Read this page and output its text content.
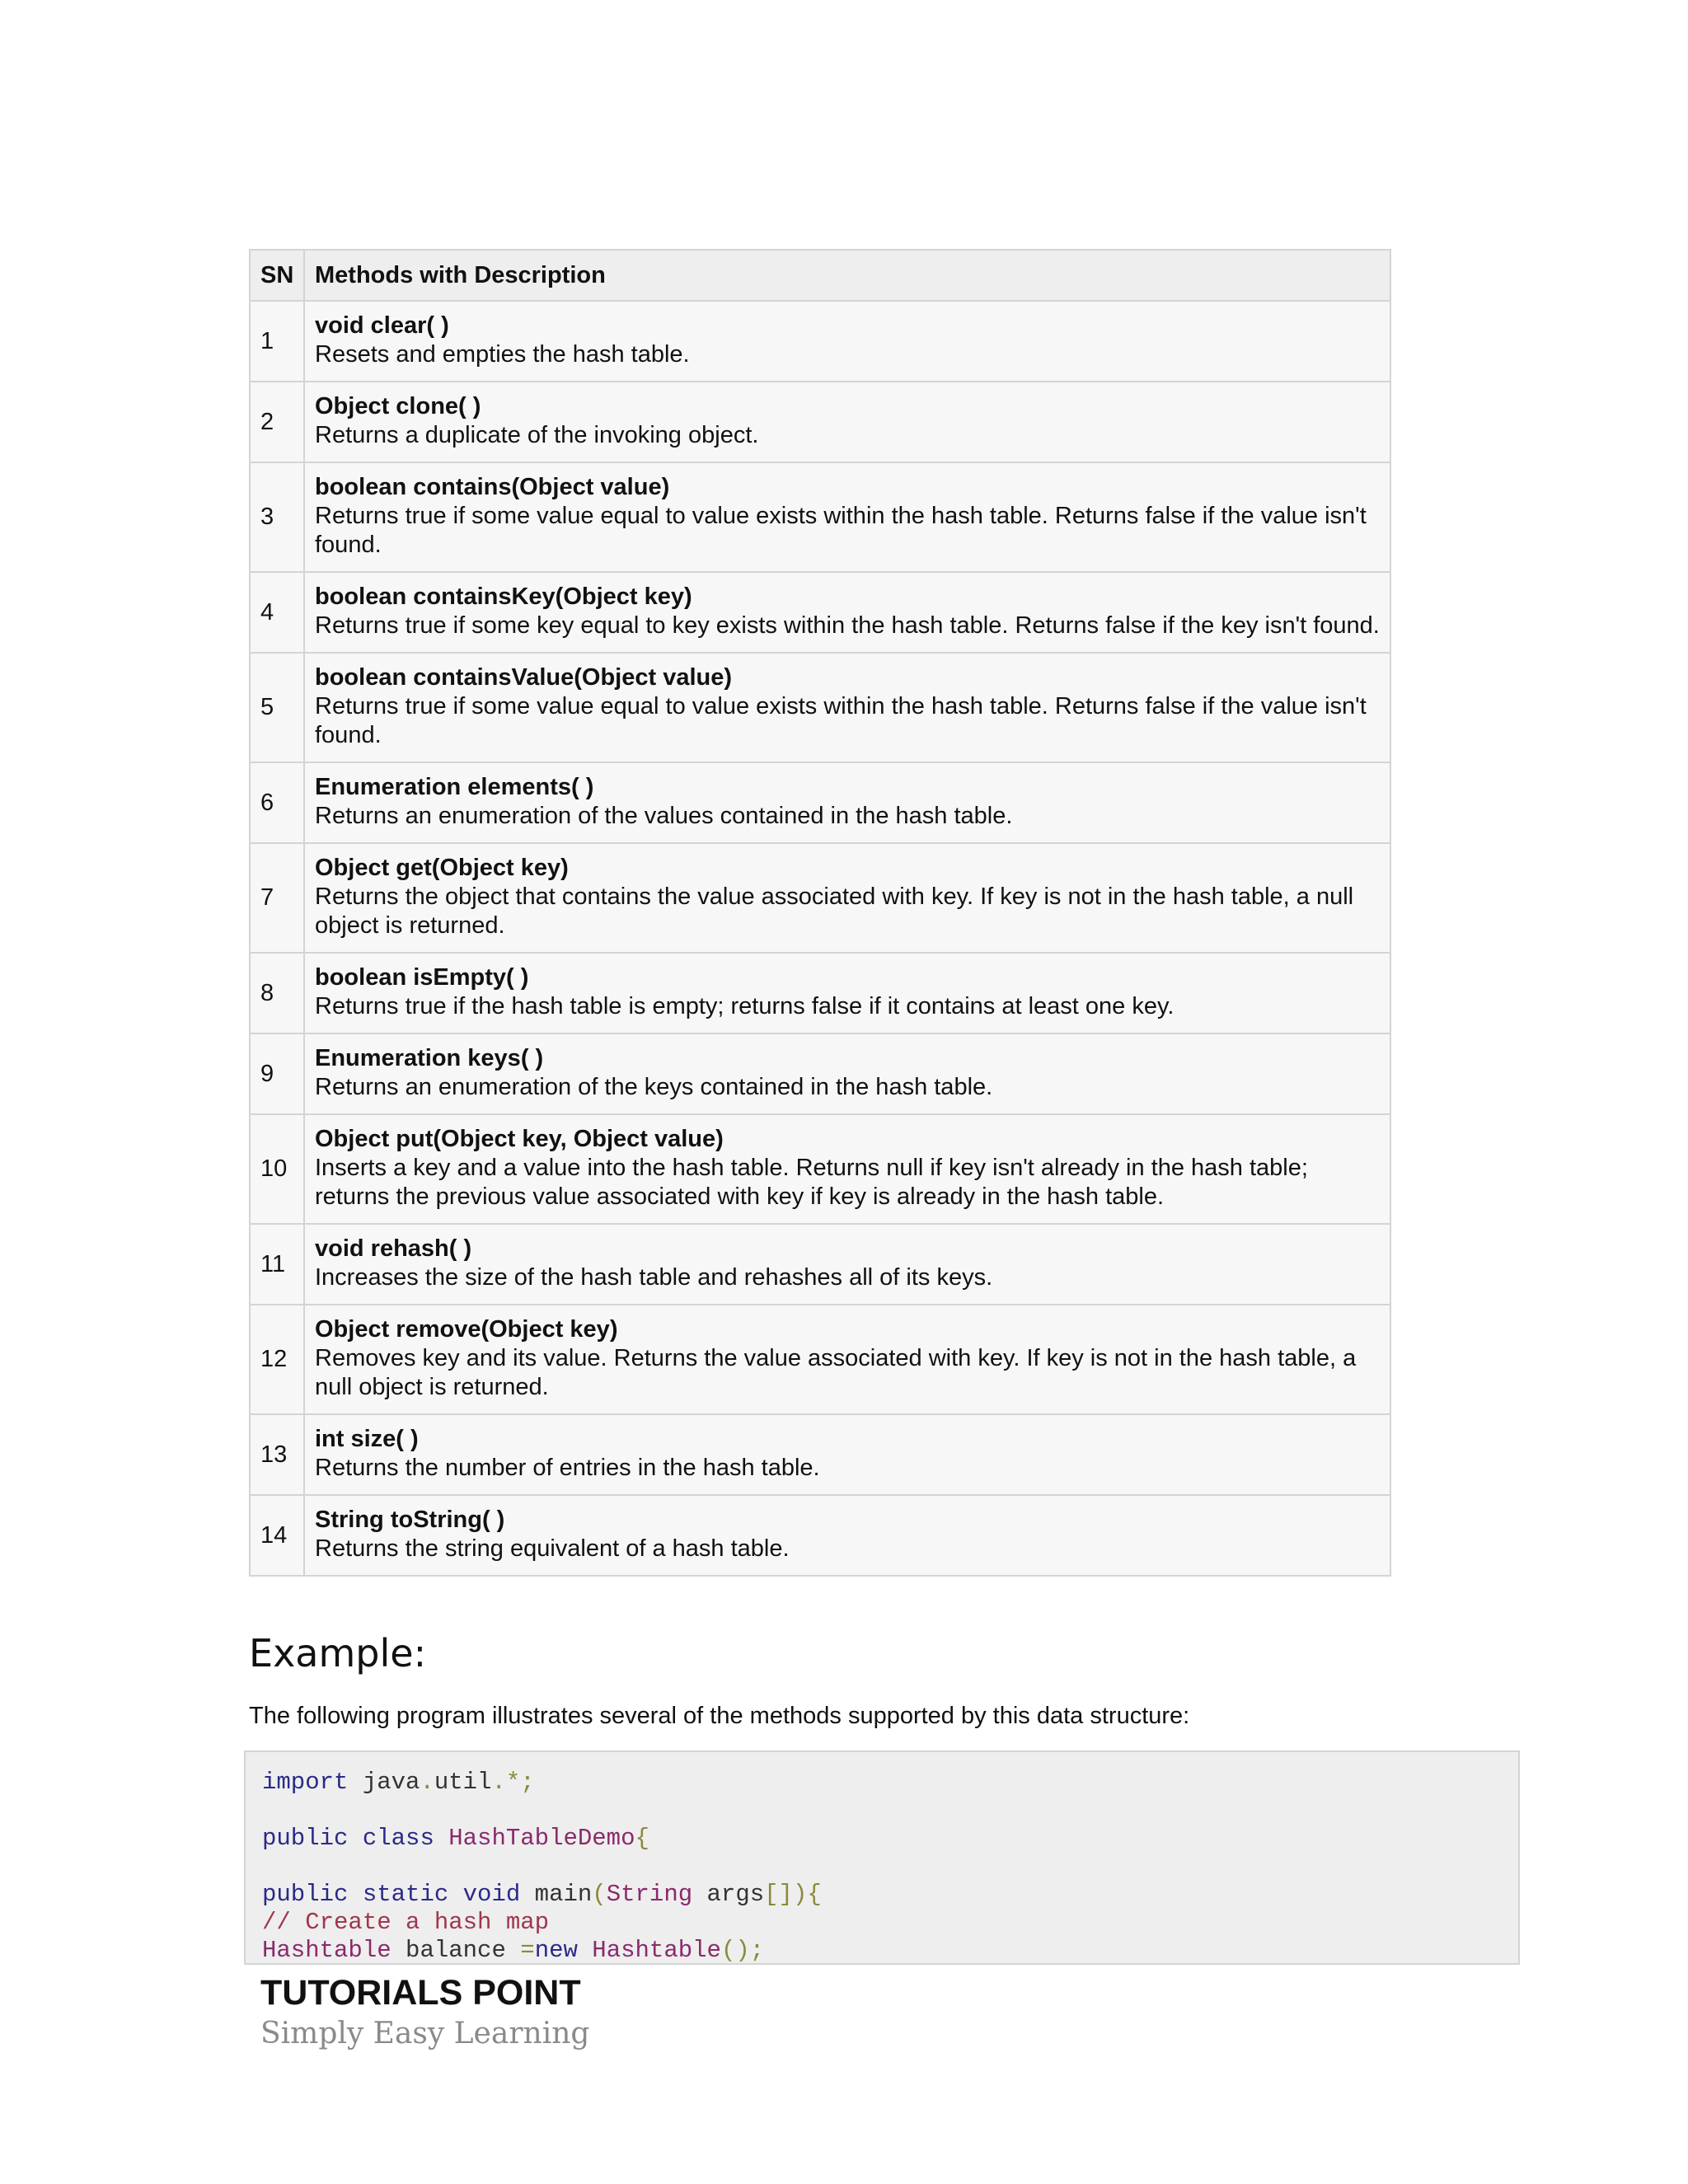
SN	Methods with Description
1	void clear( )
Resets and empties the hash table.

2	Object clone( )
Returns a duplicate of the invoking object.

3	boolean contains(Object value)
Returns true if some value equal to value exists within the hash table. Returns false if the value isn't found.

4	boolean containsKey(Object key)
Returns true if some key equal to key exists within the hash table. Returns false if the key isn't found.

5	boolean containsValue(Object value)
Returns true if some value equal to value exists within the hash table. Returns false if the value isn't found.

6	Enumeration elements( )
Returns an enumeration of the values contained in the hash table.

7	Object get(Object key)
Returns the object that contains the value associated with key. If key is not in the hash table, a null object is returned.

8	boolean isEmpty( )
Returns true if the hash table is empty; returns false if it contains at least one key.

9	Enumeration keys( )
Returns an enumeration of the keys contained in the hash table.

10	Object put(Object key, Object value)
Inserts a key and a value into the hash table. Returns null if key isn't already in the hash table; returns the previous value associated with key if key is already in the hash table.

11	void rehash( )
Increases the size of the hash table and rehashes all of its keys.

12	Object remove(Object key)
Removes key and its value. Returns the value associated with key. If key is not in the hash table, a null object is returned.

13	int size( )
Returns the number of entries in the hash table.

14	String toString( )
Returns the string equivalent of a hash table.
Example:

The following program illustrates several of the methods supported by this data structure:

import java.util.*;
public class HashTableDemo{
public static void main(String args[]){
// Create a hash map
Hashtable balance =new Hashtable();
TUTORIALS POINT
Simply Easy Learning
